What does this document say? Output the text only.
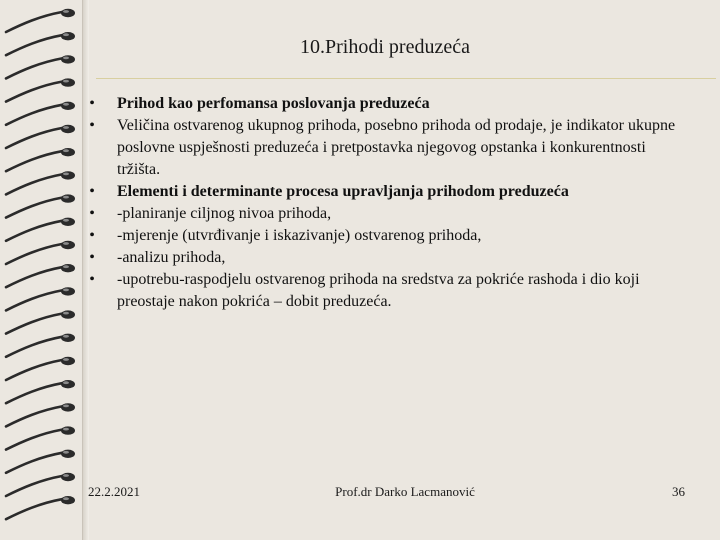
10.Prihodi preduzeća
• Prihod kao perfomansa poslovanja preduzeća
• Veličina ostvarenog ukupnog prihoda, posebno prihoda od prodaje, je indikator ukupne poslovne uspješnosti preduzeća i pretpostavka njegovog opstanka i konkurentnosti tržišta.
• Elementi i determinante procesa upravljanja prihodom preduzeća
• -planiranje ciljnog nivoa prihoda,
• -mjerenje (utvrđivanje i iskazivanje) ostvarenog prihoda,
• -analizu prihoda,
• -upotrebu-raspodjelu ostvarenog prihoda na sredstva za pokriće rashoda i dio koji preostaje nakon pokrića – dobit preduzeća.
22.2.2021	Prof.dr Darko Lacmanović	36
